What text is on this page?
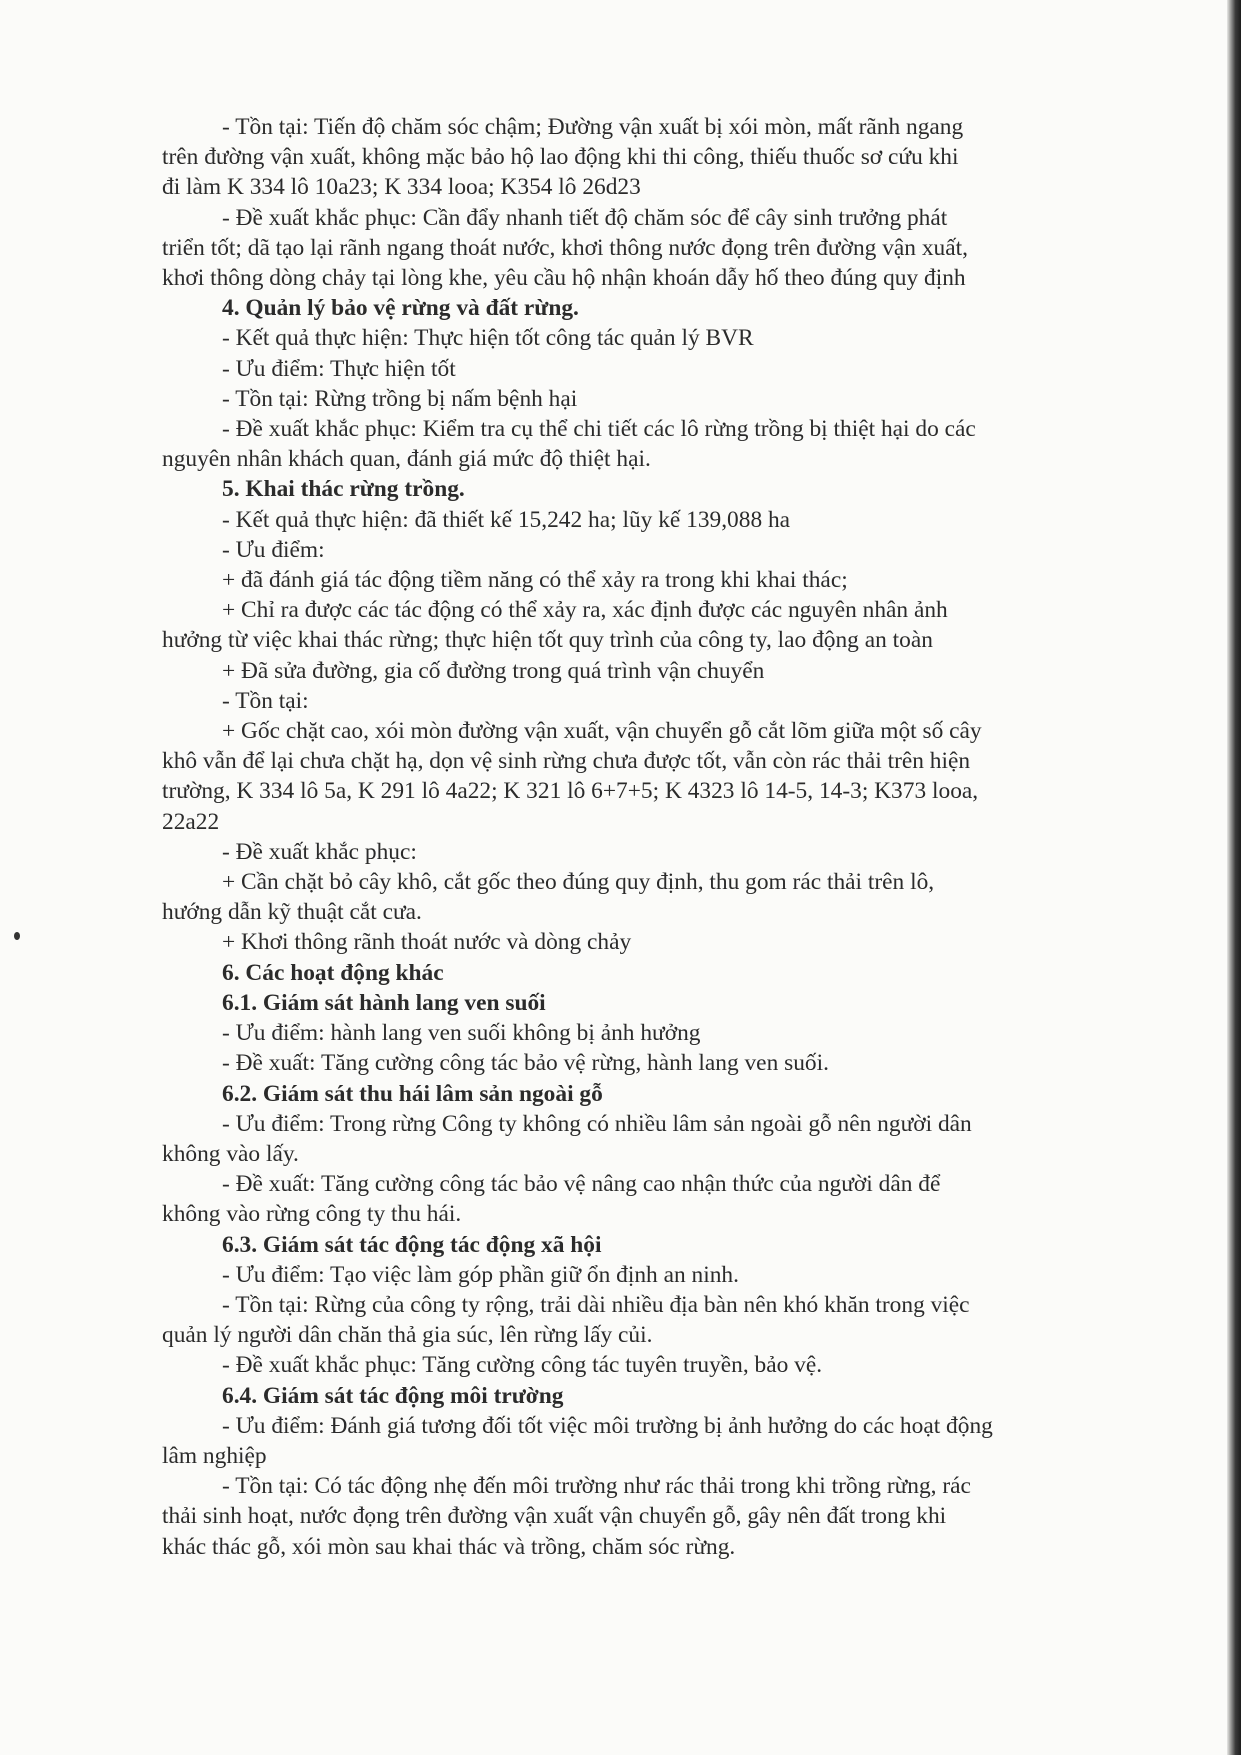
- Tồn tại: Tiến độ chăm sóc chậm; Đường vận xuất bị xói mòn, mất rãnh ngang
trên đường vận xuất, không mặc bảo hộ lao động khi thi công, thiếu thuốc sơ cứu khi
đi làm K 334 lô 10a23; K 334 looa; K354 lô 26d23
- Đề xuất khắc phục: Cần đẩy nhanh tiết độ chăm sóc để cây sinh trưởng phát
triển tốt; dã tạo lại rãnh ngang thoát nước, khơi thông nước đọng trên đường vận xuất,
khơi thông dòng chảy tại lòng khe, yêu cầu hộ nhận khoán dẫy hố theo đúng quy định
4. Quản lý bảo vệ rừng và đất rừng.
- Kết quả thực hiện: Thực hiện tốt công tác quản lý BVR
- Ưu điểm: Thực hiện tốt
- Tồn tại: Rừng trồng bị nấm bệnh hại
- Đề xuất khắc phục: Kiểm tra cụ thể chi tiết các lô rừng trồng bị thiệt hại do các
nguyên nhân khách quan, đánh giá mức độ thiệt hại.
5. Khai thác rừng trồng.
- Kết quả thực hiện: đã thiết kế 15,242 ha; lũy kế 139,088 ha
- Ưu điểm:
+ đã đánh giá tác động tiềm năng có thể xảy ra trong khi khai thác;
+ Chỉ ra được các tác động có thể xảy ra, xác định được các nguyên nhân ảnh
hưởng từ việc khai thác rừng; thực hiện tốt quy trình của công ty, lao động an toàn
+ Đã sửa đường, gia cố đường trong quá trình vận chuyển
- Tồn tại:
+ Gốc chặt cao, xói mòn đường vận xuất, vận chuyển gỗ cắt lõm giữa một số cây
khô vẫn để lại chưa chặt hạ, dọn vệ sinh rừng chưa được tốt, vẫn còn rác thải trên hiện
trường, K 334 lô 5a, K 291 lô 4a22; K 321 lô 6+7+5; K 4323 lô 14-5, 14-3; K373 looa,
22a22
- Đề xuất khắc phục:
+ Cần chặt bỏ cây khô, cắt gốc theo đúng quy định, thu gom rác thải trên lô,
hướng dẫn kỹ thuật cắt cưa.
+ Khơi thông rãnh thoát nước và dòng chảy
6. Các hoạt động khác
6.1. Giám sát hành lang ven suối
- Ưu điểm: hành lang ven suối không bị ảnh hưởng
- Đề xuất: Tăng cường công tác bảo vệ rừng, hành lang ven suối.
6.2. Giám sát thu hái lâm sản ngoài gỗ
- Ưu điểm: Trong rừng Công ty không có nhiều lâm sản ngoài gỗ nên người dân
không vào lấy.
- Đề xuất: Tăng cường công tác bảo vệ nâng cao nhận thức của người dân để
không vào rừng công ty thu hái.
6.3. Giám sát tác động tác động xã hội
- Ưu điểm: Tạo việc làm góp phần giữ ổn định an ninh.
- Tồn tại: Rừng của công ty rộng, trải dài nhiều địa bàn nên khó khăn trong việc
quản lý người dân chăn thả gia súc, lên rừng lấy củi.
- Đề xuất khắc phục: Tăng cường công tác tuyên truyền, bảo vệ.
6.4. Giám sát tác động môi trường
- Ưu điểm: Đánh giá tương đối tốt việc môi trường bị ảnh hưởng do các hoạt động
lâm nghiệp
- Tồn tại: Có tác động nhẹ đến môi trường như rác thải trong khi trồng rừng, rác
thải sinh hoạt, nước đọng trên đường vận xuất vận chuyển gỗ, gây nên đất trong khi
khác thác gỗ, xói mòn sau khai thác và trồng, chăm sóc rừng.
